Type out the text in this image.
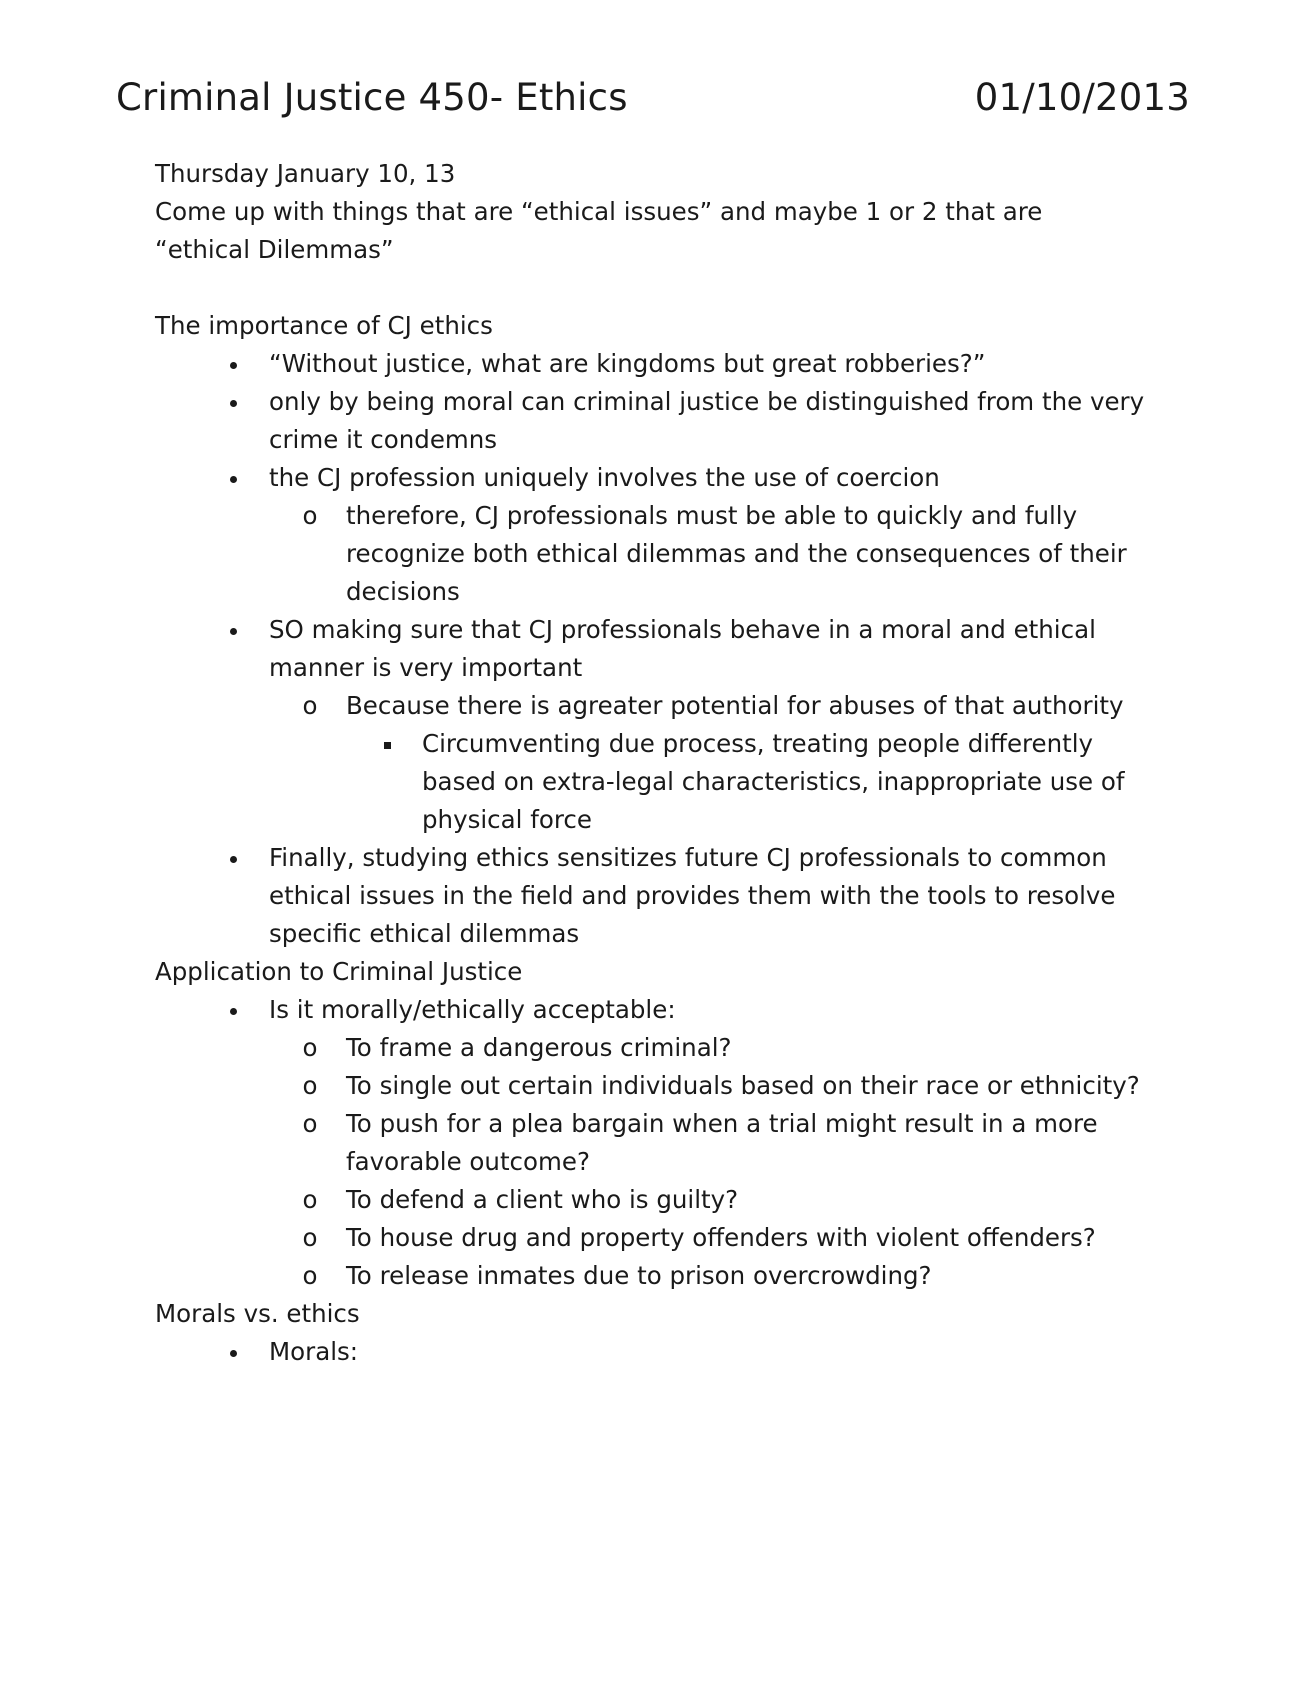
Criminal Justice 450- Ethics	01/10/2013

Thursday January 10, 13

Come up with things that are “ethical issues” and maybe 1 or 2 that are

“ethical Dilemmas”

The importance of CJ ethics

“Without justice, what are kingdoms but great robberies?”
only by being moral can criminal justice be distinguished from the very crime it condemns
the CJ profession uniquely involves the use of coercion
o therefore, CJ professionals must be able to quickly and fully recognize both ethical dilemmas and the consequences of their decisions
SO making sure that CJ professionals behave in a moral and ethical manner is very important
o Because there is agreater potential for abuses of that authority
Circumventing due process, treating people differently based on extra-legal characteristics, inappropriate use of physical force
Finally, studying ethics sensitizes future CJ professionals to common ethical issues in the field and provides them with the tools to resolve specific ethical dilemmas

Application to Criminal Justice

Is it morally/ethically acceptable:
o To frame a dangerous criminal?
o To single out certain individuals based on their race or ethnicity?
o To push for a plea bargain when a trial might result in a more favorable outcome?
o To defend a client who is guilty?
o To house drug and property offenders with violent offenders?
o To release inmates due to prison overcrowding?

Morals vs. ethics

Morals:
